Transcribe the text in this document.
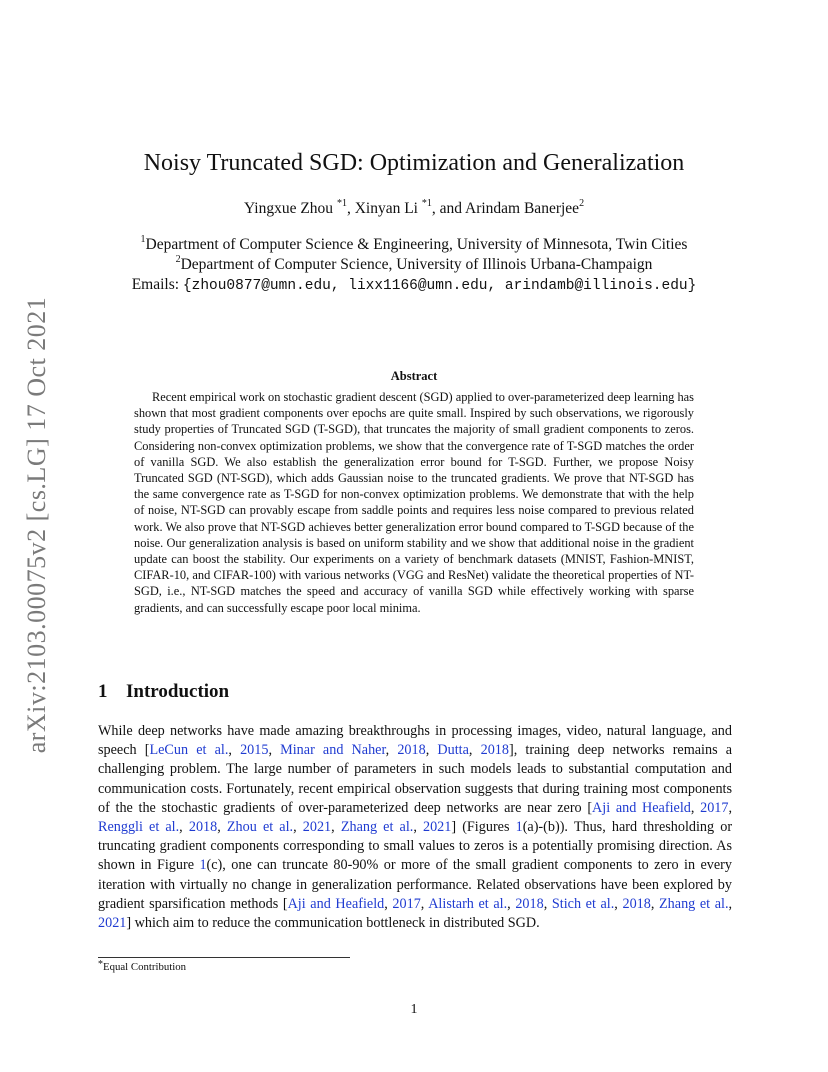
arXiv:2103.00075v2 [cs.LG] 17 Oct 2021
Noisy Truncated SGD: Optimization and Generalization
Yingxue Zhou $^{*1}$, Xinyan Li $^{*1}$, and Arindam Banerjee$^2$
$^1$Department of Computer Science & Engineering, University of Minnesota, Twin Cities
$^2$Department of Computer Science, University of Illinois Urbana-Champaign
Emails: {zhou0877@umn.edu, lixx1166@umn.edu, arindamb@illinois.edu}
Abstract

Recent empirical work on stochastic gradient descent (SGD) applied to over-parameterized deep learning has shown that most gradient components over epochs are quite small. Inspired by such observations, we rigorously study properties of Truncated SGD (T-SGD), that truncates the majority of small gradient components to zeros. Considering non-convex optimization problems, we show that the convergence rate of T-SGD matches the order of vanilla SGD. We also establish the generalization error bound for T-SGD. Further, we propose Noisy Truncated SGD (NT-SGD), which adds Gaussian noise to the truncated gradients. We prove that NT-SGD has the same convergence rate as T-SGD for non-convex optimization problems. We demonstrate that with the help of noise, NT-SGD can provably escape from saddle points and requires less noise compared to previous related work. We also prove that NT-SGD achieves better generalization error bound compared to T-SGD because of the noise. Our generalization analysis is based on uniform stability and we show that additional noise in the gradient update can boost the stability. Our experiments on a variety of benchmark datasets (MNIST, Fashion-MNIST, CIFAR-10, and CIFAR-100) with various networks (VGG and ResNet) validate the theoretical properties of NT-SGD, i.e., NT-SGD matches the speed and accuracy of vanilla SGD while effectively working with sparse gradients, and can successfully escape poor local minima.

1 Introduction

While deep networks have made amazing breakthroughs in processing images, video, natural language, and speech [LeCun et al., 2015, Minar and Naher, 2018, Dutta, 2018], training deep networks remains a challenging problem. The large number of parameters in such models leads to substantial computation and communication costs. Fortunately, recent empirical observation suggests that during training most components of the the stochastic gradients of over-parameterized deep networks are near zero [Aji and Heafield, 2017, Renggli et al., 2018, Zhou et al., 2021, Zhang et al., 2021] (Figures 1(a)-(b)). Thus, hard thresholding or truncating gradient components corresponding to small values to zeros is a potentially promising direction. As shown in Figure 1(c), one can truncate 80-90% or more of the small gradient components to zero in every iteration with virtually no change in generalization performance. Related observations have been explored by gradient sparsification methods [Aji and Heafield, 2017, Alistarh et al., 2018, Stich et al., 2018, Zhang et al., 2021] which aim to reduce the communication bottleneck in distributed SGD.

*Equal Contribution
1
